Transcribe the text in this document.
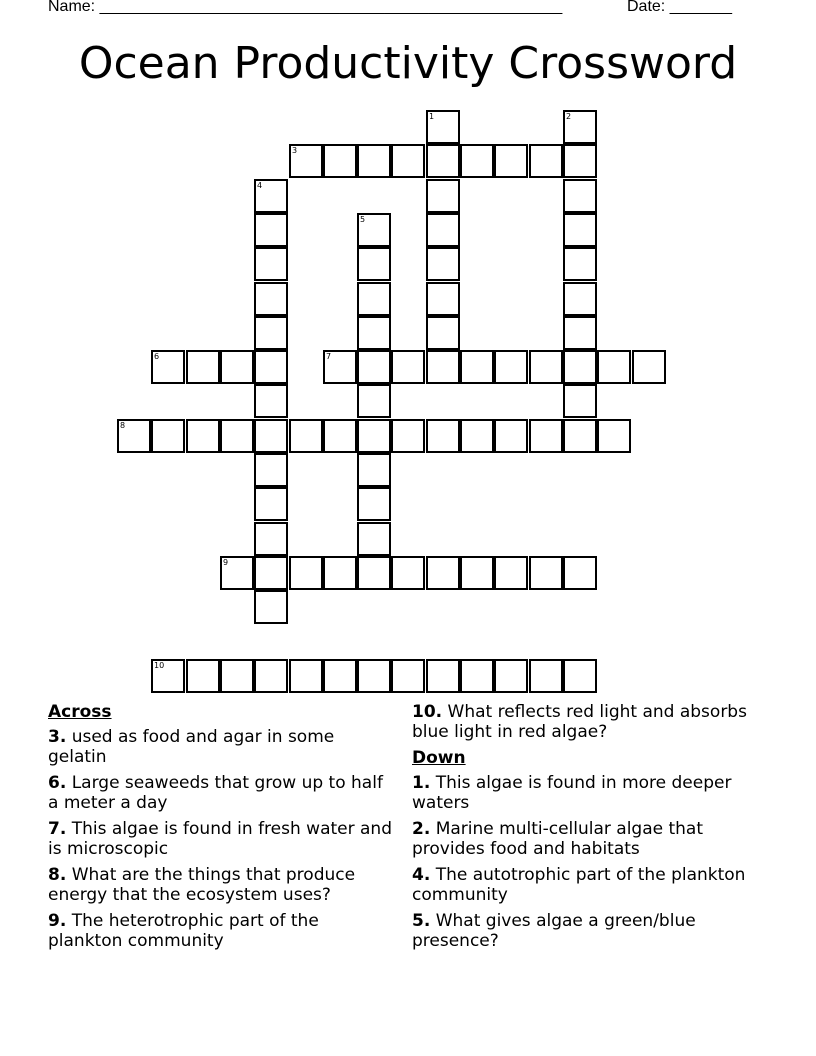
Name: ____________________________________________________	Date: _______
Ocean Productivity Crossword
1	2
3
4
5
6	7
8
9
10
Across
3. used as food and agar in some gelatin
6. Large seaweeds that grow up to half a meter a day
7. This algae is found in fresh water and is microscopic
8. What are the things that produce energy that the ecosystem uses?
9. The heterotrophic part of the plankton community
10. What reflects red light and absorbs blue light in red algae?
Down
1. This algae is found in more deeper waters
2. Marine multi-cellular algae that provides food and habitats
4. The autotrophic part of the plankton community
5. What gives algae a green/blue presence?
